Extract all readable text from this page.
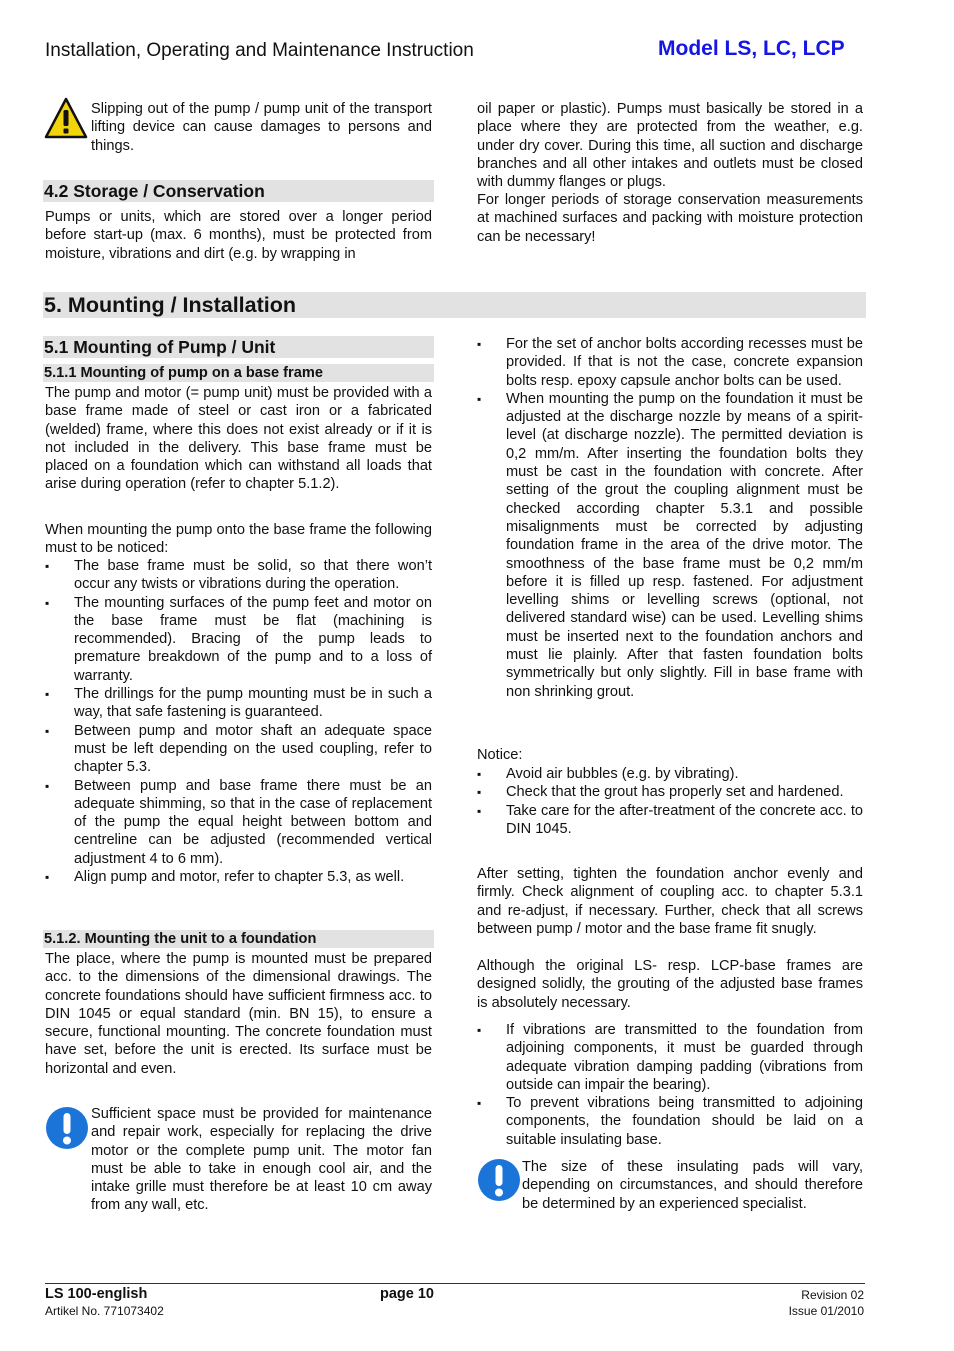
Installation, Operating and Maintenance Instruction	Model LS, LC, LCP

Slipping out of the pump / pump unit of the transport lifting device can cause damages to persons and things.

4.2 Storage / Conservation

Pumps or units, which are stored over a longer period before start-up (max. 6 months), must be protected from moisture, vibrations and dirt (e.g. by wrapping in

oil paper or plastic). Pumps must basically be stored in a place where they are protected from the weather, e.g. under dry cover. During this time, all suction and discharge branches and all other intakes and outlets must be closed with dummy flanges or plugs.

For longer periods of storage conservation measurements at machined surfaces and packing with moisture protection can be necessary!

5. Mounting / Installation
5.1 Mounting of Pump / Unit
5.1.1 Mounting of pump on a base frame

The pump and motor (= pump unit) must be provided with a base frame made of steel or cast iron or a fabricated (welded) frame, where this does not exist already or if it is not included in the delivery. This base frame must be placed on a foundation which can withstand all loads that arise during operation (refer to chapter 5.1.2).

When mounting the pump onto the base frame the following must to be noticed:

▪
The base frame must be solid, so that there won’t occur any twists or vibrations during the operation.
▪
The mounting surfaces of the pump feet and motor on the base frame must be flat (machining is recommended). Bracing of the pump leads to premature breakdown of the pump and to a loss of warranty.
▪
The drillings for the pump mounting must be in such a way, that safe fastening is guaranteed.
▪
Between pump and motor shaft an adequate space must be left depending on the used coupling, refer to chapter 5.3.
▪
Between pump and base frame there must be an adequate shimming, so that in the case of replacement of the pump the equal height between bottom and centreline can be adjusted (recommended vertical adjustment 4 to 6 mm).
▪
Align pump and motor, refer to chapter 5.3, as well.
5.1.2. Mounting the unit to a foundation

The place, where the pump is mounted must be prepared acc. to the dimensions of the dimensional drawings. The concrete foundations should have sufficient firmness acc. to DIN 1045 or equal standard (min. BN 15), to ensure a secure, functional mounting. The concrete foundation must have set, before the unit is erected. Its surface must be horizontal and even.

Sufficient space must be provided for maintenance and repair work, especially for replacing the drive motor or the complete pump unit. The motor fan must be able to take in enough cool air, and the intake grille must therefore be at least 10 cm away from any wall, etc.

▪
For the set of anchor bolts according recesses must be provided. If that is not the case, concrete expansion bolts resp. epoxy capsule anchor bolts can be used.
▪
When mounting the pump on the foundation it must be adjusted at the discharge nozzle by means of a spirit-level (at discharge nozzle). The permitted deviation is 0,2 mm/m. After inserting the foundation bolts they must be cast in the foundation with concrete. After setting of the grout the coupling alignment must be checked according chapter 5.3.1 and possible misalignments must be corrected by adjusting foundation frame in the area of the drive motor. The smoothness of the base frame must be 0,2 mm/m before it is filled up resp. fastened. For adjustment levelling shims or levelling screws (optional, not delivered standard wise) can be used. Levelling shims must be inserted next to the foundation anchors and must lie plainly. After that fasten foundation bolts symmetrically but only slightly. Fill in base frame with non shrinking grout.

Notice:

▪
Avoid air bubbles (e.g. by vibrating).
▪
Check that the grout has properly set and hardened.
▪
Take care for the after-treatment of the concrete acc. to DIN 1045.

After setting, tighten the foundation anchor evenly and firmly. Check alignment of coupling acc. to chapter 5.3.1 and re-adjust, if necessary. Further, check that all screws between pump / motor and the base frame fit snugly.

Although the original LS- resp. LCP-base frames are designed solidly, the grouting of the adjusted base frames is absolutely necessary.

▪
If vibrations are transmitted to the foundation from adjoining components, it must be guarded through adequate vibration damping padding (vibrations from outside can impair the bearing).
▪
To prevent vibrations being transmitted to adjoining components, the foundation should be laid on a suitable insulating base.

The size of these insulating pads will vary, depending on circumstances, and should therefore be determined by an experienced specialist.

LS 100-english
Artikel No. 771073402
page 10	Revision 02
Issue 01/2010
